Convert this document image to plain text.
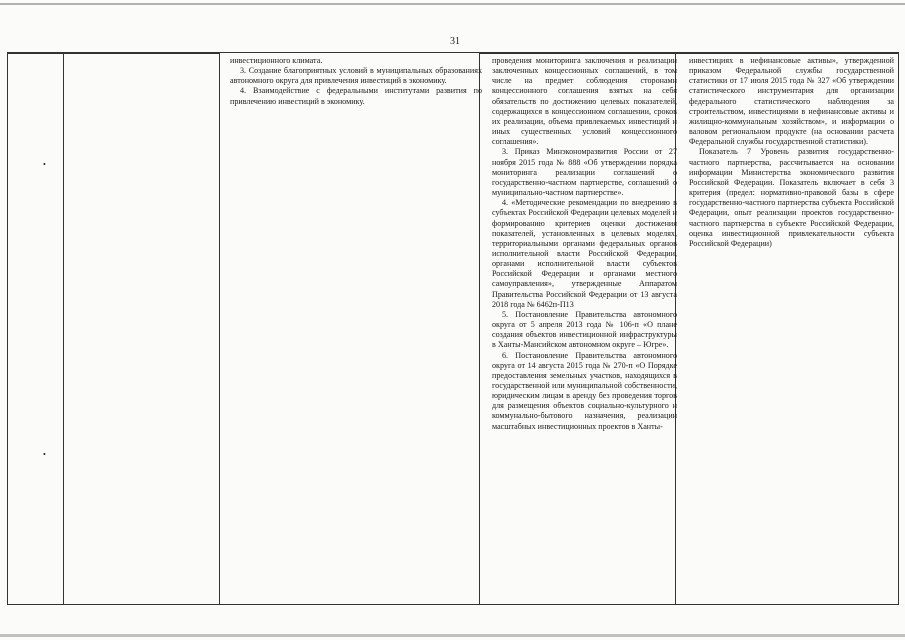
31
•
•

инвестиционного климата.

3. Создание благоприятных условий в муниципальных образованиях автономного округа для привлечения инвестиций в экономику.

4. Взаимодействие с федеральными институтами развития по привлечению инвестиций в экономику.

проведения мониторинга заключения и реализации заключенных концессионных соглашений, в том числе на предмет соблюдения сторонами концессионного соглашения взятых на себя обязательств по достижению целевых показателей, содержащихся в концессионном соглашении, сроков их реализации, объема привлекаемых инвестиций и иных существенных условий концессионного соглашения».

3. Приказ Минэкономразвития России от 27 ноября 2015 года № 888 «Об утверждении порядка мониторинга реализации соглашений о государственно-частном партнерстве, соглашений о муниципально-частном партнерстве».

4. «Методические рекомендации по внедрению в субъектах Российской Федерации целевых моделей и формированию критериев оценки достижения показателей, установленных в целевых моделях, территориальными органами федеральных органов исполнительной власти Российской Федерации, органами исполнительной власти субъектов Российской Федерации и органами местного самоуправления», утвержденные Аппаратом Правительства Российской Федерации от 13 августа 2018 года № 6462п-П13

5. Постановление Правительства автономного округа от 5 апреля 2013 года № 106-п «О плане создания объектов инвестиционной инфраструктуры в Ханты-Мансийском автономном округе – Югре».

6. Постановление Правительства автономного округа от 14 августа 2015 года № 270-п «О Порядке предоставления земельных участков, находящихся в государственной или муниципальной собственности, юридическим лицам в аренду без проведения торгов для размещения объектов социально-культурного и коммунально-бытового назначения, реализации масштабных инвестиционных проектов в Ханты-

инвестициях в нефинансовые активы», утвержденной приказом Федеральной службы государственной статистики от 17 июля 2015 года № 327 «Об утверждении статистического инструментария для организации федерального статистического наблюдения за строительством, инвестициями в нефинансовые активы и жилищно-коммунальным хозяйством», и информации о валовом региональном продукте (на основании расчета Федеральной службы государственной статистики).

Показатель 7 Уровень развития государственно-частного партнерства, рассчитывается на основании информации Министерства экономического развития Российской Федерации. Показатель включает в себя 3 критерия (предел: нормативно-правовой базы в сфере государственно-частного партнерства субъекта Российской Федерации, опыт реализации проектов государственно-частного партнерства в субъекте Российской Федерации, оценка инвестиционной привлекательности субъекта Российской Федерации)
